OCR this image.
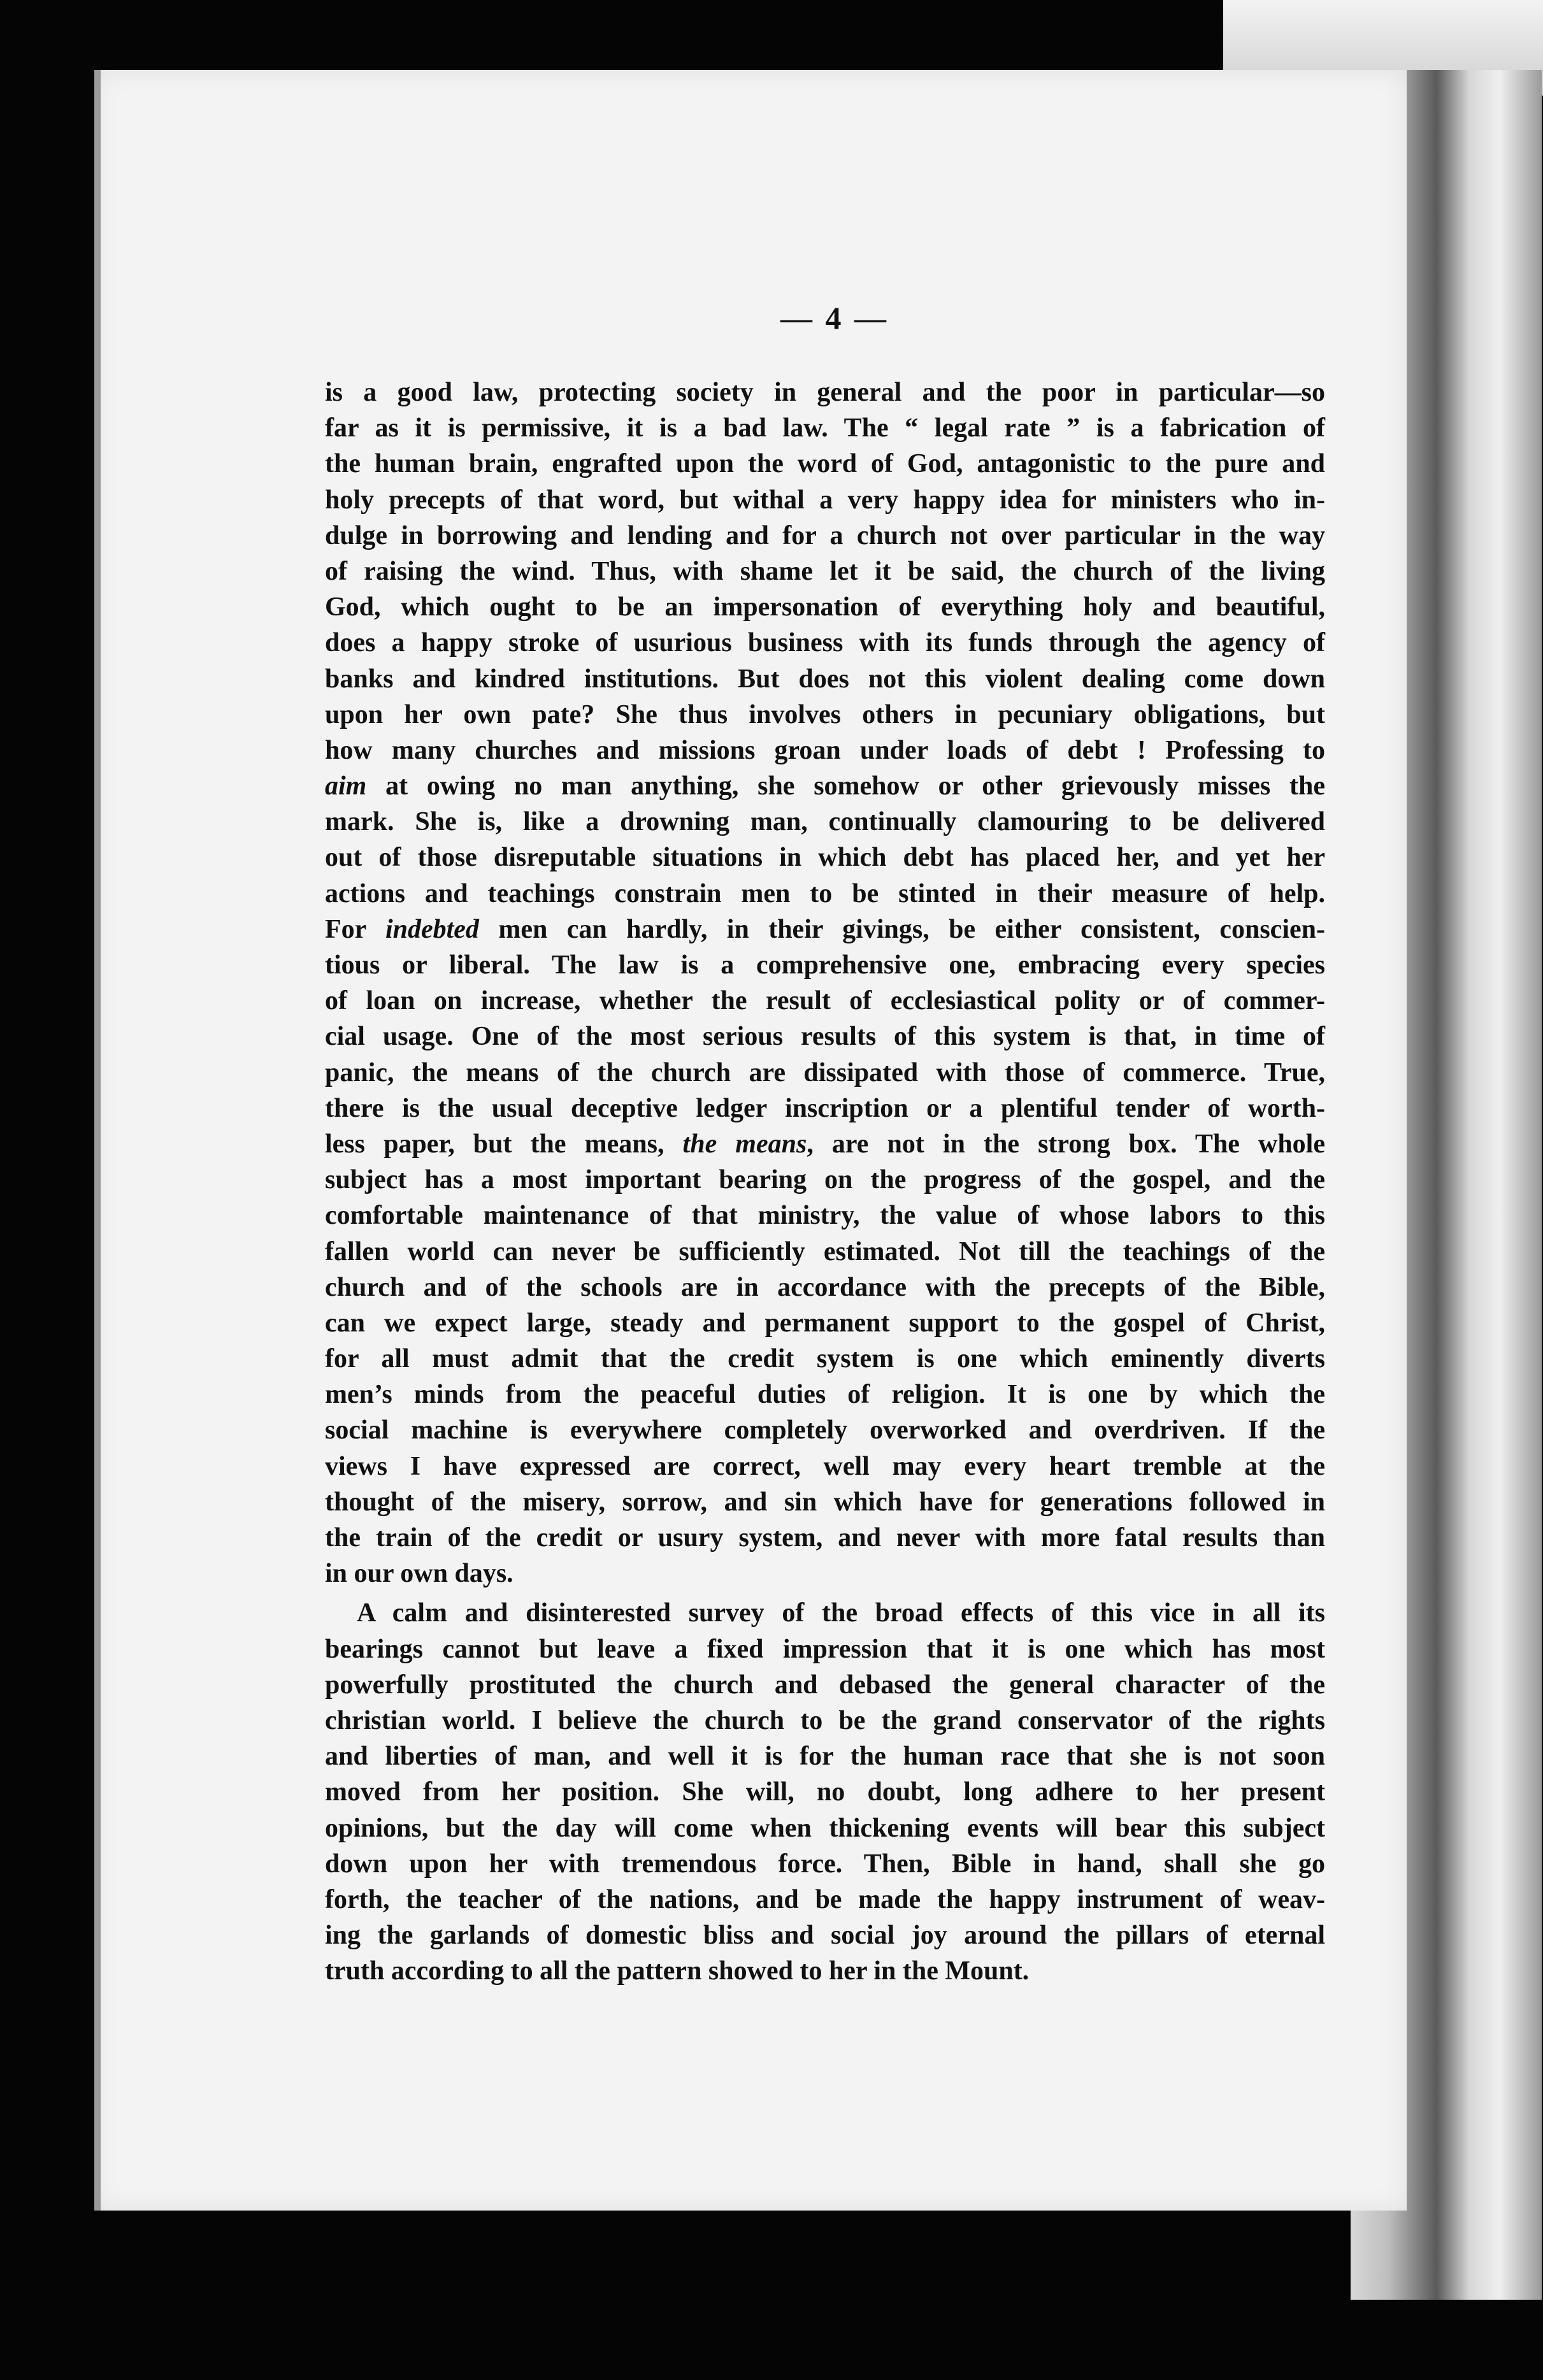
— 4 —
is a good law, protecting society in general and the poor in particular—so
far as it is permissive, it is a bad law. The “ legal rate ” is a fabrication of
the human brain, engrafted upon the word of God, antagonistic to the pure and
holy precepts of that word, but withal a very happy idea for ministers who in-
dulge in borrowing and lending and for a church not over particular in the way
of raising the wind. Thus, with shame let it be said, the church of the living
God, which ought to be an impersonation of everything holy and beautiful,
does a happy stroke of usurious business with its funds through the agency of
banks and kindred institutions. But does not this violent dealing come down
upon her own pate? She thus involves others in pecuniary obligations, but
how many churches and missions groan under loads of debt ! Professing to
aim at owing no man anything, she somehow or other grievously misses the
mark. She is, like a drowning man, continually clamouring to be delivered
out of those disreputable situations in which debt has placed her, and yet her
actions and teachings constrain men to be stinted in their measure of help.
For indebted men can hardly, in their givings, be either consistent, conscien-
tious or liberal. The law is a comprehensive one, embracing every species
of loan on increase, whether the result of ecclesiastical polity or of commer-
cial usage. One of the most serious results of this system is that, in time of
panic, the means of the church are dissipated with those of commerce. True,
there is the usual deceptive ledger inscription or a plentiful tender of worth-
less paper, but the means, the means, are not in the strong box. The whole
subject has a most important bearing on the progress of the gospel, and the
comfortable maintenance of that ministry, the value of whose labors to this
fallen world can never be sufficiently estimated. Not till the teachings of the
church and of the schools are in accordance with the precepts of the Bible,
can we expect large, steady and permanent support to the gospel of Christ,
for all must admit that the credit system is one which eminently diverts
men’s minds from the peaceful duties of religion. It is one by which the
social machine is everywhere completely overworked and overdriven. If the
views I have expressed are correct, well may every heart tremble at the
thought of the misery, sorrow, and sin which have for generations followed in
the train of the credit or usury system, and never with more fatal results than
in our own days.
A calm and disinterested survey of the broad effects of this vice in all its
bearings cannot but leave a fixed impression that it is one which has most
powerfully prostituted the church and debased the general character of the
christian world. I believe the church to be the grand conservator of the rights
and liberties of man, and well it is for the human race that she is not soon
moved from her position. She will, no doubt, long adhere to her present
opinions, but the day will come when thickening events will bear this subject
down upon her with tremendous force. Then, Bible in hand, shall she go
forth, the teacher of the nations, and be made the happy instrument of weav-
ing the garlands of domestic bliss and social joy around the pillars of eternal
truth according to all the pattern showed to her in the Mount.
